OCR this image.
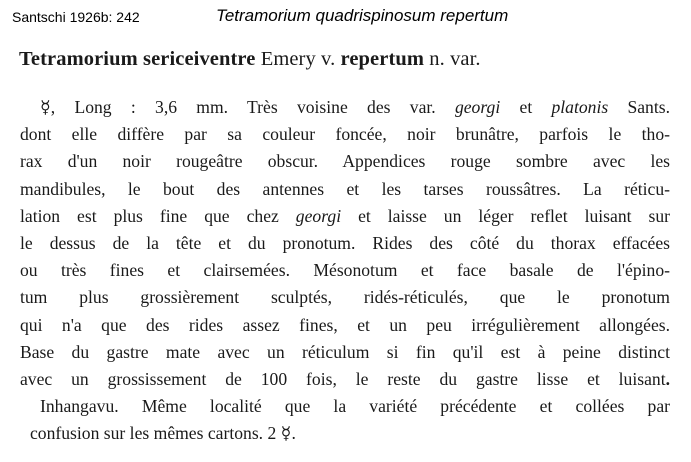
Santschi 1926b: 242	Tetramorium quadrispinosum repertum
Tetramorium sericeiventre Emery v. repertum n. var.
☿, Long : 3,6 mm. Très voisine des var. georgi et platonis Sants.
dont elle diffère par sa couleur foncée, noir brunâtre, parfois le tho-
rax d'un noir rougeâtre obscur. Appendices rouge sombre avec les
mandibules, le bout des antennes et les tarses roussâtres. La réticu-
lation est plus fine que chez georgi et laisse un léger reflet luisant sur
le dessus de la tête et du pronotum. Rides des côté du thorax effacées
ou très fines et clairsemées. Mésonotum et face basale de l'épino-
tum plus grossièrement sculptés, ridés-réticulés, que le pronotum
qui n'a que des rides assez fines, et un peu irrégulièrement allongées.
Base du gastre mate avec un réticulum si fin qu'il est à peine distinct
avec un grossissement de 100 fois, le reste du gastre lisse et luisant.
Inhangavu. Même localité que la variété précédente et collées par
confusion sur les mêmes cartons. 2 ☿.
